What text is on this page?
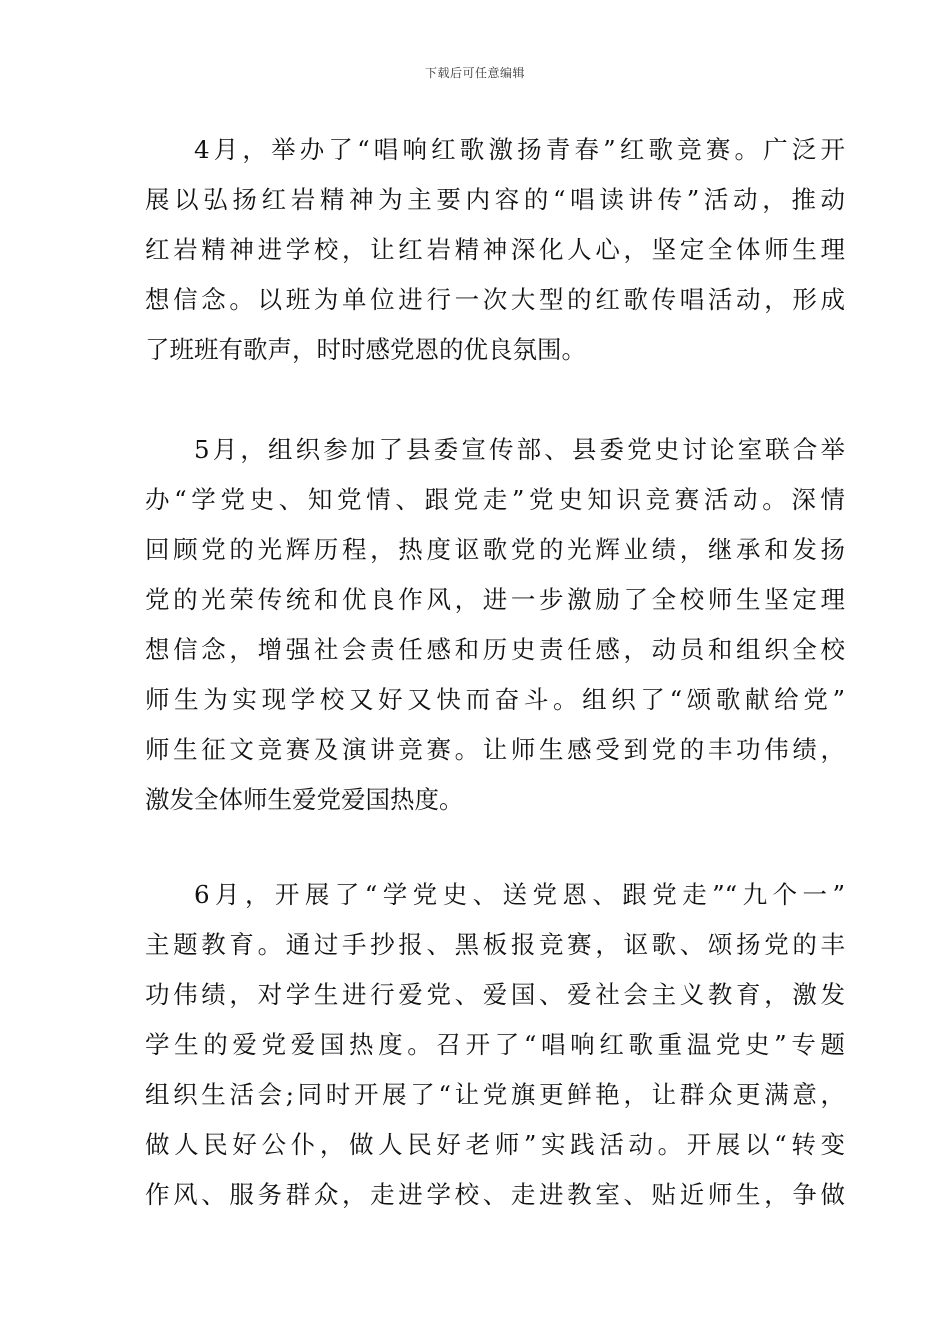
下载后可任意编辑
4月，举办了“唱响红歌激扬青春”红歌竞赛。广泛开
展以弘扬红岩精神为主要内容的“唱读讲传”活动，推动
红岩精神进学校，让红岩精神深化人心，坚定全体师生理
想信念。以班为单位进行一次大型的红歌传唱活动，形成
了班班有歌声，时时感党恩的优良氛围。
5月，组织参加了县委宣传部、县委党史讨论室联合举
办“学党史、知党情、跟党走”党史知识竞赛活动。深情
回顾党的光辉历程，热度讴歌党的光辉业绩，继承和发扬
党的光荣传统和优良作风，进一步激励了全校师生坚定理
想信念，增强社会责任感和历史责任感，动员和组织全校
师生为实现学校又好又快而奋斗。组织了“颂歌献给党”
师生征文竞赛及演讲竞赛。让师生感受到党的丰功伟绩，
激发全体师生爱党爱国热度。
6月，开展了“学党史、送党恩、跟党走”“九个一”
主题教育。通过手抄报、黑板报竞赛，讴歌、颂扬党的丰
功伟绩，对学生进行爱党、爱国、爱社会主义教育，激发
学生的爱党爱国热度。召开了“唱响红歌重温党史”专题
组织生活会;同时开展了“让党旗更鲜艳，让群众更满意，
做人民好公仆，做人民好老师”实践活动。开展以“转变
作风、服务群众，走进学校、走进教室、贴近师生，争做
